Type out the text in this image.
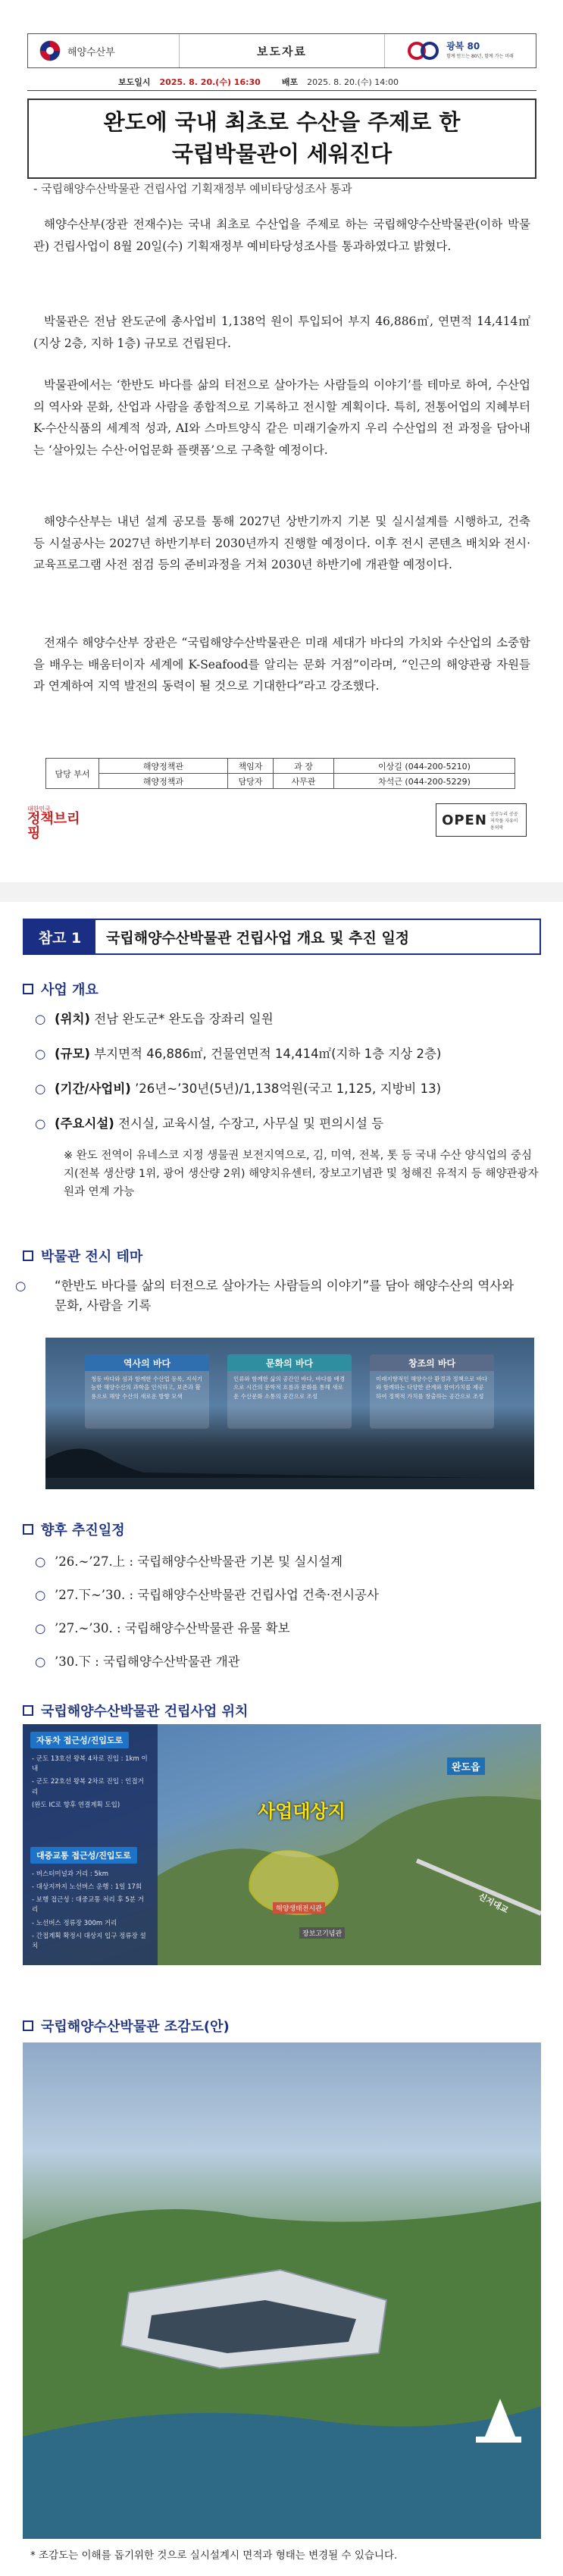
해양수산부	보도자료	광복 80
함께 만드는 80년, 함께 가는 미래
보도일시	2025. 8. 20.(수) 16:30	배포	2025. 8. 20.(수) 14:00
완도에 국내 최초로 수산을 주제로 한
국립박물관이 세워진다
- 국립해양수산박물관 건립사업 기획재정부 예비타당성조사 통과

해양수산부(장관 전재수)는 국내 최초로 수산업을 주제로 하는 국립해양수산박물관(이하 박물관) 건립사업이 8월 20일(수) 기획재정부 예비타당성조사를 통과하였다고 밝혔다.

박물관은 전남 완도군에 총사업비 1,138억 원이 투입되어 부지 46,886㎡, 연면적 14,414㎡(지상 2층, 지하 1층) 규모로 건립된다.

박물관에서는 ‘한반도 바다를 삶의 터전으로 살아가는 사람들의 이야기’를 테마로 하여, 수산업의 역사와 문화, 산업과 사람을 종합적으로 기록하고 전시할 계획이다. 특히, 전통어업의 지혜부터 K-수산식품의 세계적 성과, AI와 스마트양식 같은 미래기술까지 우리 수산업의 전 과정을 담아내는 ‘살아있는 수산·어업문화 플랫폼’으로 구축할 예정이다.

해양수산부는 내년 설계 공모를 통해 2027년 상반기까지 기본 및 실시설계를 시행하고, 건축 등 시설공사는 2027년 하반기부터 2030년까지 진행할 예정이다. 이후 전시 콘텐츠 배치와 전시·교육프로그램 사전 점검 등의 준비과정을 거쳐 2030년 하반기에 개관할 예정이다.

전재수 해양수산부 장관은 “국립해양수산박물관은 미래 세대가 바다의 가치와 수산업의 소중함을 배우는 배움터이자 세계에 K-Seafood를 알리는 문화 거점”이라며, “인근의 해양관광 자원들과 연계하여 지역 발전의 동력이 될 것으로 기대한다”라고 강조했다.

담당 부서	해양정책관	책임자	과 장	이상길 (044-200-5210)
	해양정책과	담당자	사무관	차석근 (044-200-5229)
대한민국
정책브리핑
OPEN 공공누리 공공저작물 자유이용허락
참고 1	국립해양수산박물관 건립사업 개요 및 추진 일정
사업 개요
○ (위치) 전남 완도군* 완도읍 장좌리 일원
○ (규모) 부지면적 46,886㎡, 건물연면적 14,414㎡(지하 1층 지상 2층)
○ (기간/사업비) ’26년∼’30년(5년)/1,138억원(국고 1,125, 지방비 13)
○ (주요시설) 전시실, 교육시설, 수장고, 사무실 및 편의시설 등
※ 완도 전역이 유네스코 지정 생물권 보전지역으로, 김, 미역, 전복, 톳 등 국내 수산 양식업의 중심지(전복 생산량 1위, 광어 생산량 2위) 해양치유센터, 장보고기념관 및 청해진 유적지 등 해양관광자원과 연계 가능
박물관 전시 테마
○ “한반도 바다를 삶의 터전으로 살아가는 사람들의 이야기”를 담아 해양수산의 역사와 문화, 사람을 기록
역사의 바다
청동 바다와 섬과 함께한 수산업 등록, 지식기능한 해양수산의 과학을 인식하고, 보존과 활용으로 해양 수산의 새로운 방향 모색
문화의 바다
인류와 함께한 삶의 공간인 바다, 바다를 배경으로 시간의 문학적 흐름과 문화를 통해 새로운 수산문화 소통의 공간으로 조성
창조의 바다
미래지향적인 해양수산 환경과 정책으로 바다와 함께하는 다양한 관계와 참여가치를 제공하여 정책적 가치를 창출하는 공간으로 조성
향후 추진일정
○ ’26.∼’27.上 : 국립해양수산박물관 기본 및 실시설계
○ ’27.下∼’30. : 국립해양수산박물관 건립사업 건축·전시공사
○ ’27.∼’30. : 국립해양수산박물관 유물 확보
○ ’30.下 : 국립해양수산박물관 개관
국립해양수산박물관 건립사업 위치
자동차 접근성/진입도로
- 군도 13호선 왕복 4차로 진입 : 1km 이내
- 군도 22호선 왕복 2차로 진입 : 인접거리
(완도 IC로 향후 연결계획 도입)
대중교통 접근성/진입도로
- 버스터미널과 거리 : 5km
- 대상지까지 노선버스 운행 : 1일 17회
- 보행 접근성 : 대중교통 처리 후 5분 거리
- 노선버스 정류장 300m 거리
- 간접계획 확정시 대상지 입구 정류장 설치
사업대상지
완도읍
해양생태전시관
장보고기념관
신지대교
국립해양수산박물관 조감도(안)
* 조감도는 이해를 돕기위한 것으로 실시설계시 면적과 형태는 변경될 수 있습니다.
